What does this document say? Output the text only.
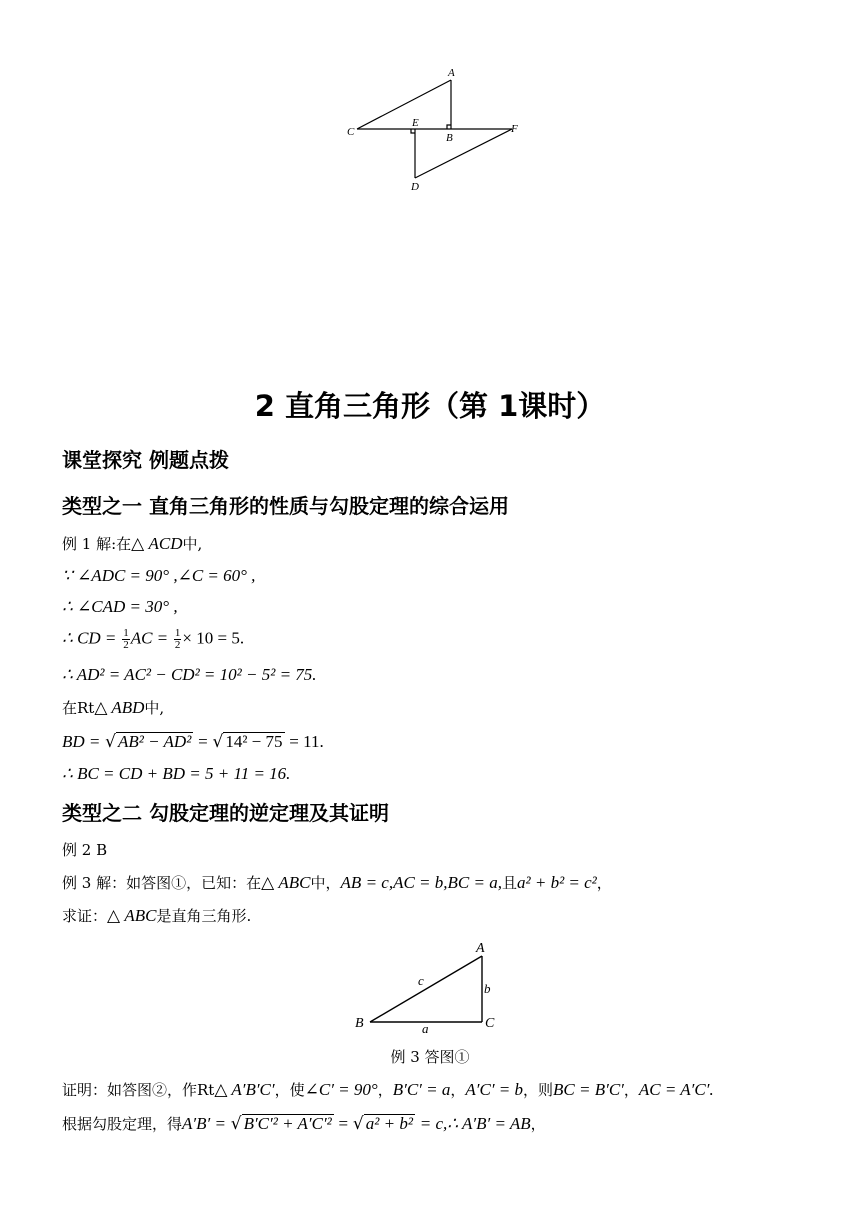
A
B
C
D
E	F
2 直角三角形（第 1课时）
课堂探究 例题点拨
类型之一 直角三角形的性质与勾股定理的综合运用
例 1 解:在△ ACD中,
∵ ∠ADC = 90° ,∠C = 60° ,
∴ ∠CAD = 30° ,
∴ CD = $\frac{1}{2}$ AC = $\frac{1}{2} \times 10 = 5$.
∴ AD² = AC² − CD² = 10² − 5² = 75.
在Rt△ ABD中,
BD = √ AB² − AD² = √ 14² − 75 = 11.
∴ BC = CD + BD = 5 + 11 = 16.
类型之二 勾股定理的逆定理及其证明
例 2 B
例 3 解：如答图①，已知：在△ ABC中，AB = c,AC = b,BC = a,且a² + b² = c²，
求证：△ ABC是直角三角形.
A
B	C
a
b
c
例 3 答图①
证明：如答图②，作Rt△ A′B′C′，使∠C′ = 90°，B′C′ = a，A′C′ = b，则BC = B′C′，AC = A′C′.
根据勾股定理，得A′B′ = √ B′C′² + A′C′² = √ a² + b² = c,∴ A′B′ = AB，
